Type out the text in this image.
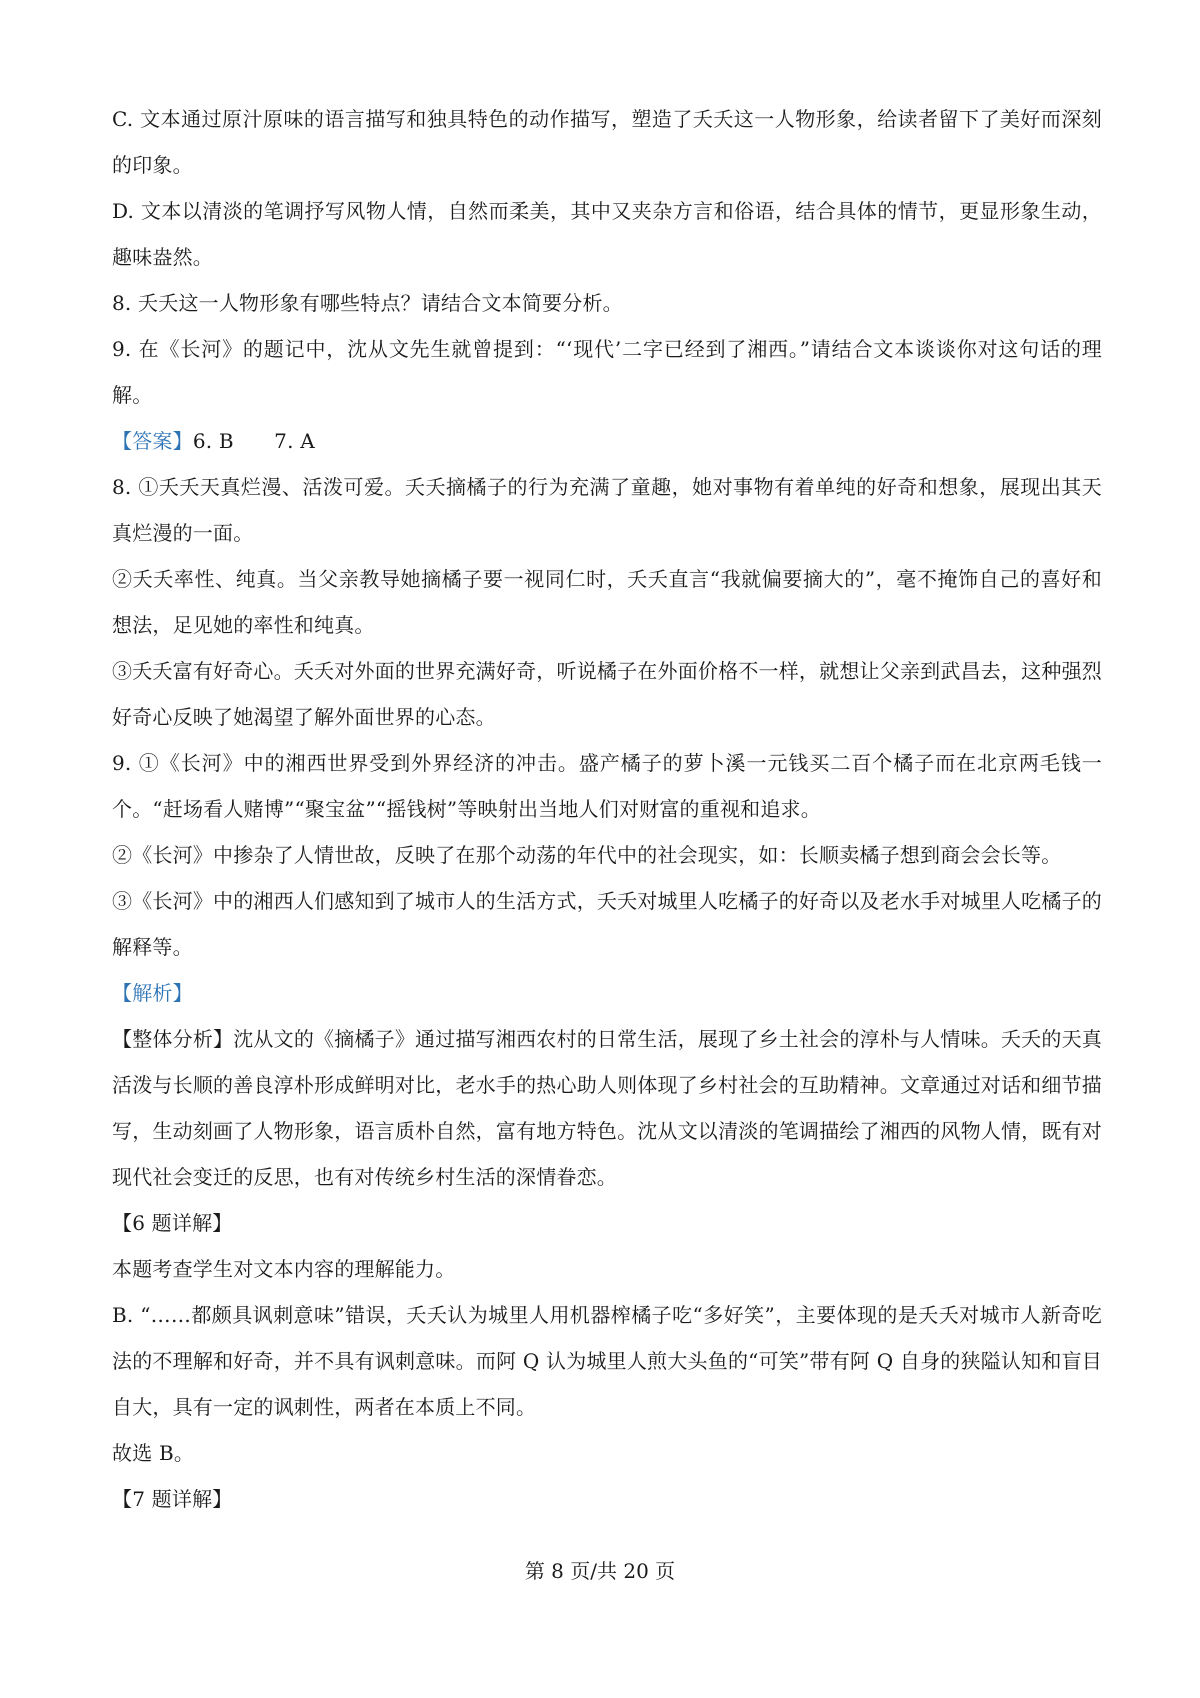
C. 文本通过原汁原味的语言描写和独具特色的动作描写，塑造了夭夭这一人物形象，给读者留下了美好而深刻的印象。

D. 文本以清淡的笔调抒写风物人情，自然而柔美，其中又夹杂方言和俗语，结合具体的情节，更显形象生动，趣味盎然。

8. 夭夭这一人物形象有哪些特点？请结合文本简要分析。

9. 在《长河》的题记中，沈从文先生就曾提到：“‘现代’二字已经到了湘西。”请结合文本谈谈你对这句话的理解。

【答案】6. B　　7. A

8. ①夭夭天真烂漫、活泼可爱。夭夭摘橘子的行为充满了童趣，她对事物有着单纯的好奇和想象，展现出其天真烂漫的一面。

②夭夭率性、纯真。当父亲教导她摘橘子要一视同仁时，夭夭直言“我就偏要摘大的”，毫不掩饰自己的喜好和想法，足见她的率性和纯真。

③夭夭富有好奇心。夭夭对外面的世界充满好奇，听说橘子在外面价格不一样，就想让父亲到武昌去，这种强烈好奇心反映了她渴望了解外面世界的心态。

9. ①《长河》中的湘西世界受到外界经济的冲击。盛产橘子的萝卜溪一元钱买二百个橘子而在北京两毛钱一个。“赶场看人赌博”“聚宝盆”“摇钱树”等映射出当地人们对财富的重视和追求。

②《长河》中掺杂了人情世故，反映了在那个动荡的年代中的社会现实，如：长顺卖橘子想到商会会长等。

③《长河》中的湘西人们感知到了城市人的生活方式，夭夭对城里人吃橘子的好奇以及老水手对城里人吃橘子的解释等。

【解析】

【整体分析】沈从文的《摘橘子》通过描写湘西农村的日常生活，展现了乡土社会的淳朴与人情味。夭夭的天真活泼与长顺的善良淳朴形成鲜明对比，老水手的热心助人则体现了乡村社会的互助精神。文章通过对话和细节描写，生动刻画了人物形象，语言质朴自然，富有地方特色。沈从文以清淡的笔调描绘了湘西的风物人情，既有对现代社会变迁的反思，也有对传统乡村生活的深情眷恋。

【6 题详解】

本题考查学生对文本内容的理解能力。

B. “……都颇具讽刺意味”错误，夭夭认为城里人用机器榨橘子吃“多好笑”，主要体现的是夭夭对城市人新奇吃法的不理解和好奇，并不具有讽刺意味。而阿 Q 认为城里人煎大头鱼的“可笑”带有阿 Q 自身的狭隘认知和盲目自大，具有一定的讽刺性，两者在本质上不同。

故选 B。

【7 题详解】

第 8 页/共 20 页
